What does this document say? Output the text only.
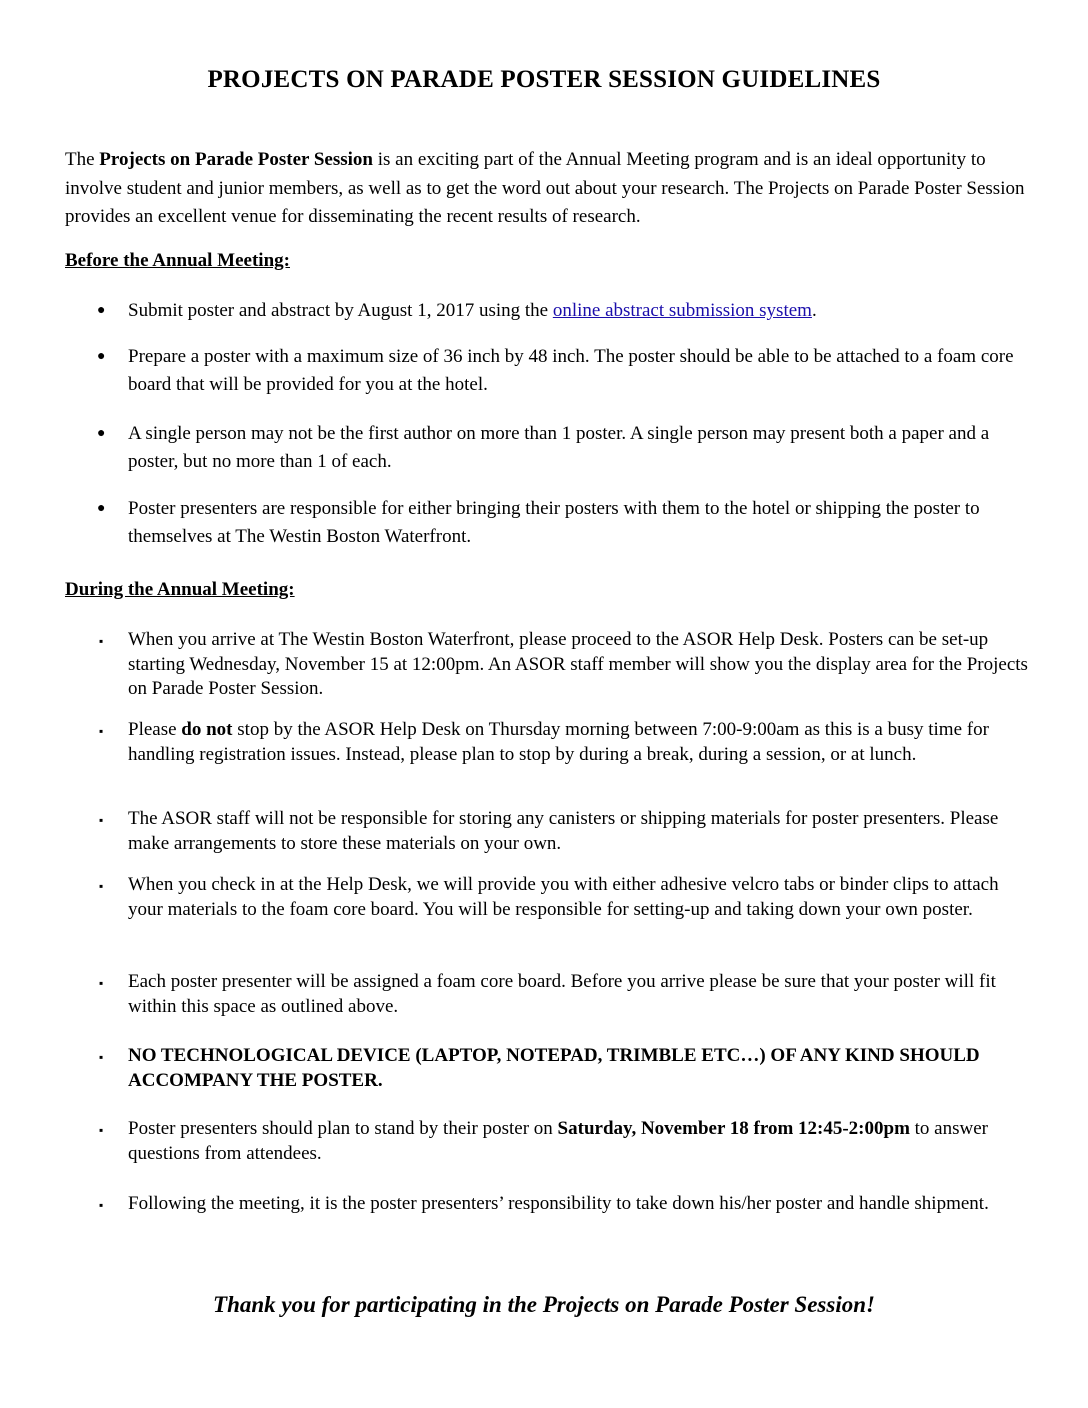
PROJECTS ON PARADE POSTER SESSION GUIDELINES

The Projects on Parade Poster Session is an exciting part of the Annual Meeting program and is an ideal opportunity to involve student and junior members, as well as to get the word out about your research. The Projects on Parade Poster Session provides an excellent venue for disseminating the recent results of research.

Before the Annual Meeting:

● Submit poster and abstract by August 1, 2017 using the online abstract submission system.

● Prepare a poster with a maximum size of 36 inch by 48 inch. The poster should be able to be attached to a foam core board that will be provided for you at the hotel.

● A single person may not be the first author on more than 1 poster. A single person may present both a paper and a poster, but no more than 1 of each.

● Poster presenters are responsible for either bringing their posters with them to the hotel or shipping the poster to themselves at The Westin Boston Waterfront.

During the Annual Meeting:

▪ When you arrive at The Westin Boston Waterfront, please proceed to the ASOR Help Desk. Posters can be set-up starting Wednesday, November 15 at 12:00pm. An ASOR staff member will show you the display area for the Projects on Parade Poster Session.

▪ Please do not stop by the ASOR Help Desk on Thursday morning between 7:00-9:00am as this is a busy time for handling registration issues. Instead, please plan to stop by during a break, during a session, or at lunch.

▪ The ASOR staff will not be responsible for storing any canisters or shipping materials for poster presenters. Please make arrangements to store these materials on your own.

▪ When you check in at the Help Desk, we will provide you with either adhesive velcro tabs or binder clips to attach your materials to the foam core board. You will be responsible for setting-up and taking down your own poster.

▪ Each poster presenter will be assigned a foam core board. Before you arrive please be sure that your poster will fit within this space as outlined above.

▪ NO TECHNOLOGICAL DEVICE (LAPTOP, NOTEPAD, TRIMBLE ETC…) OF ANY KIND SHOULD ACCOMPANY THE POSTER.

▪ Poster presenters should plan to stand by their poster on Saturday, November 18 from 12:45-2:00pm to answer questions from attendees.

▪ Following the meeting, it is the poster presenters’ responsibility to take down his/her poster and handle shipment.

Thank you for participating in the Projects on Parade Poster Session!
